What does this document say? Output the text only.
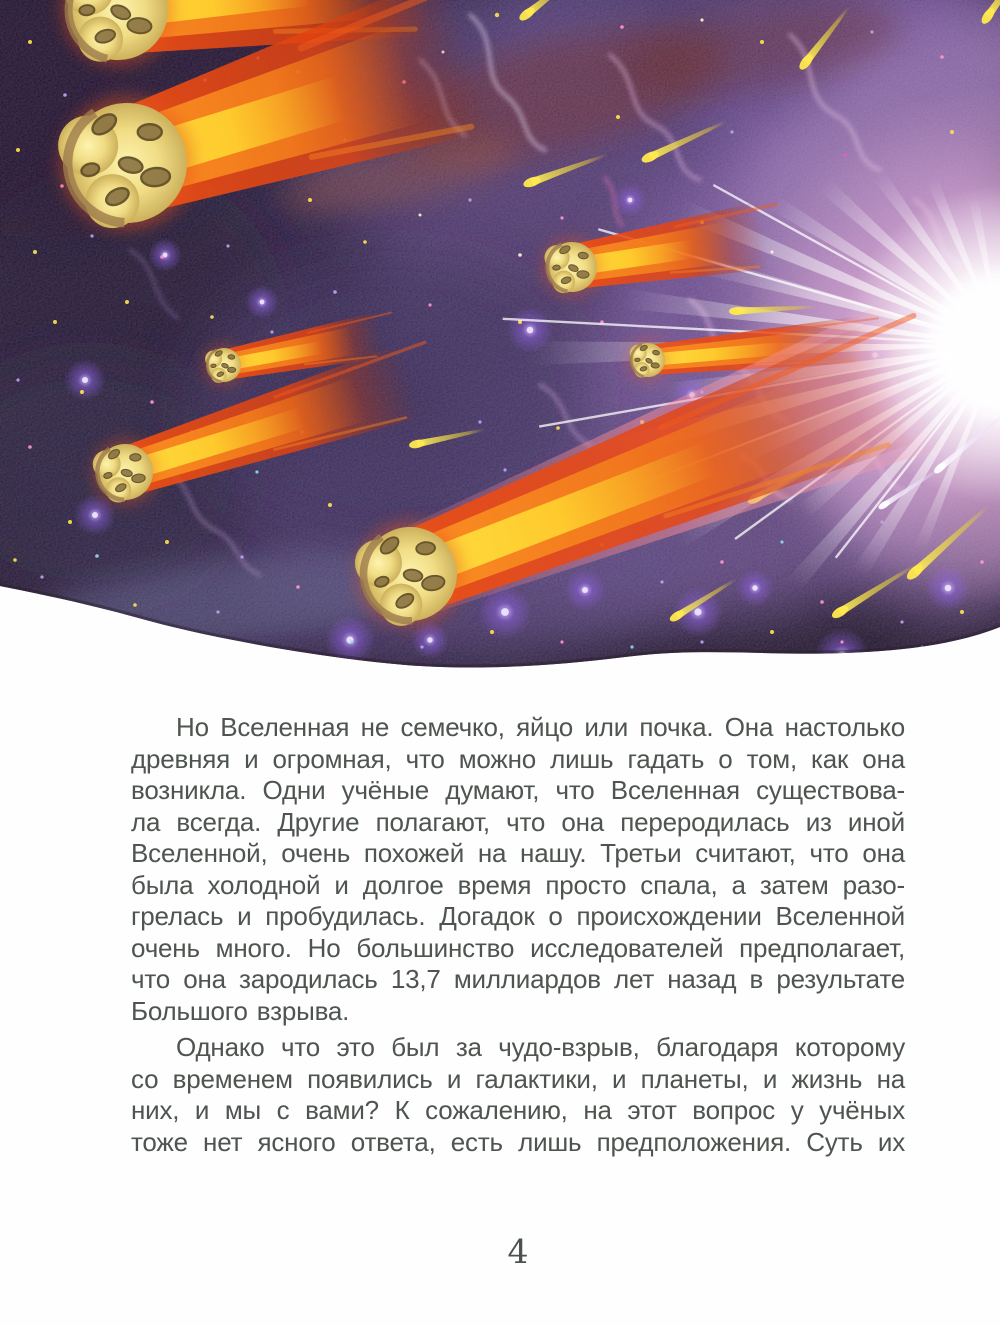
Но Вселенная не семечко, яйцо или почка. Она настолько

древняя и огромная, что можно лишь гадать о том, как она

возникла. Одни учёные думают, что Вселенная существова-

ла всегда. Другие полагают, что она переродилась из иной

Вселенной, очень похожей на нашу. Третьи считают, что она

была холодной и долгое время просто спала, а затем разо-

грелась и пробудилась. Догадок о происхождении Вселенной

очень много. Но большинство исследователей предполагает,

что она зародилась 13,7 миллиардов лет назад в результате

Большого взрыва.

Однако что это был за чудо-взрыв, благодаря которому

со временем появились и галактики, и планеты, и жизнь на

них, и мы с вами? К сожалению, на этот вопрос у учёных

тоже нет ясного ответа, есть лишь предположения. Суть их

4
